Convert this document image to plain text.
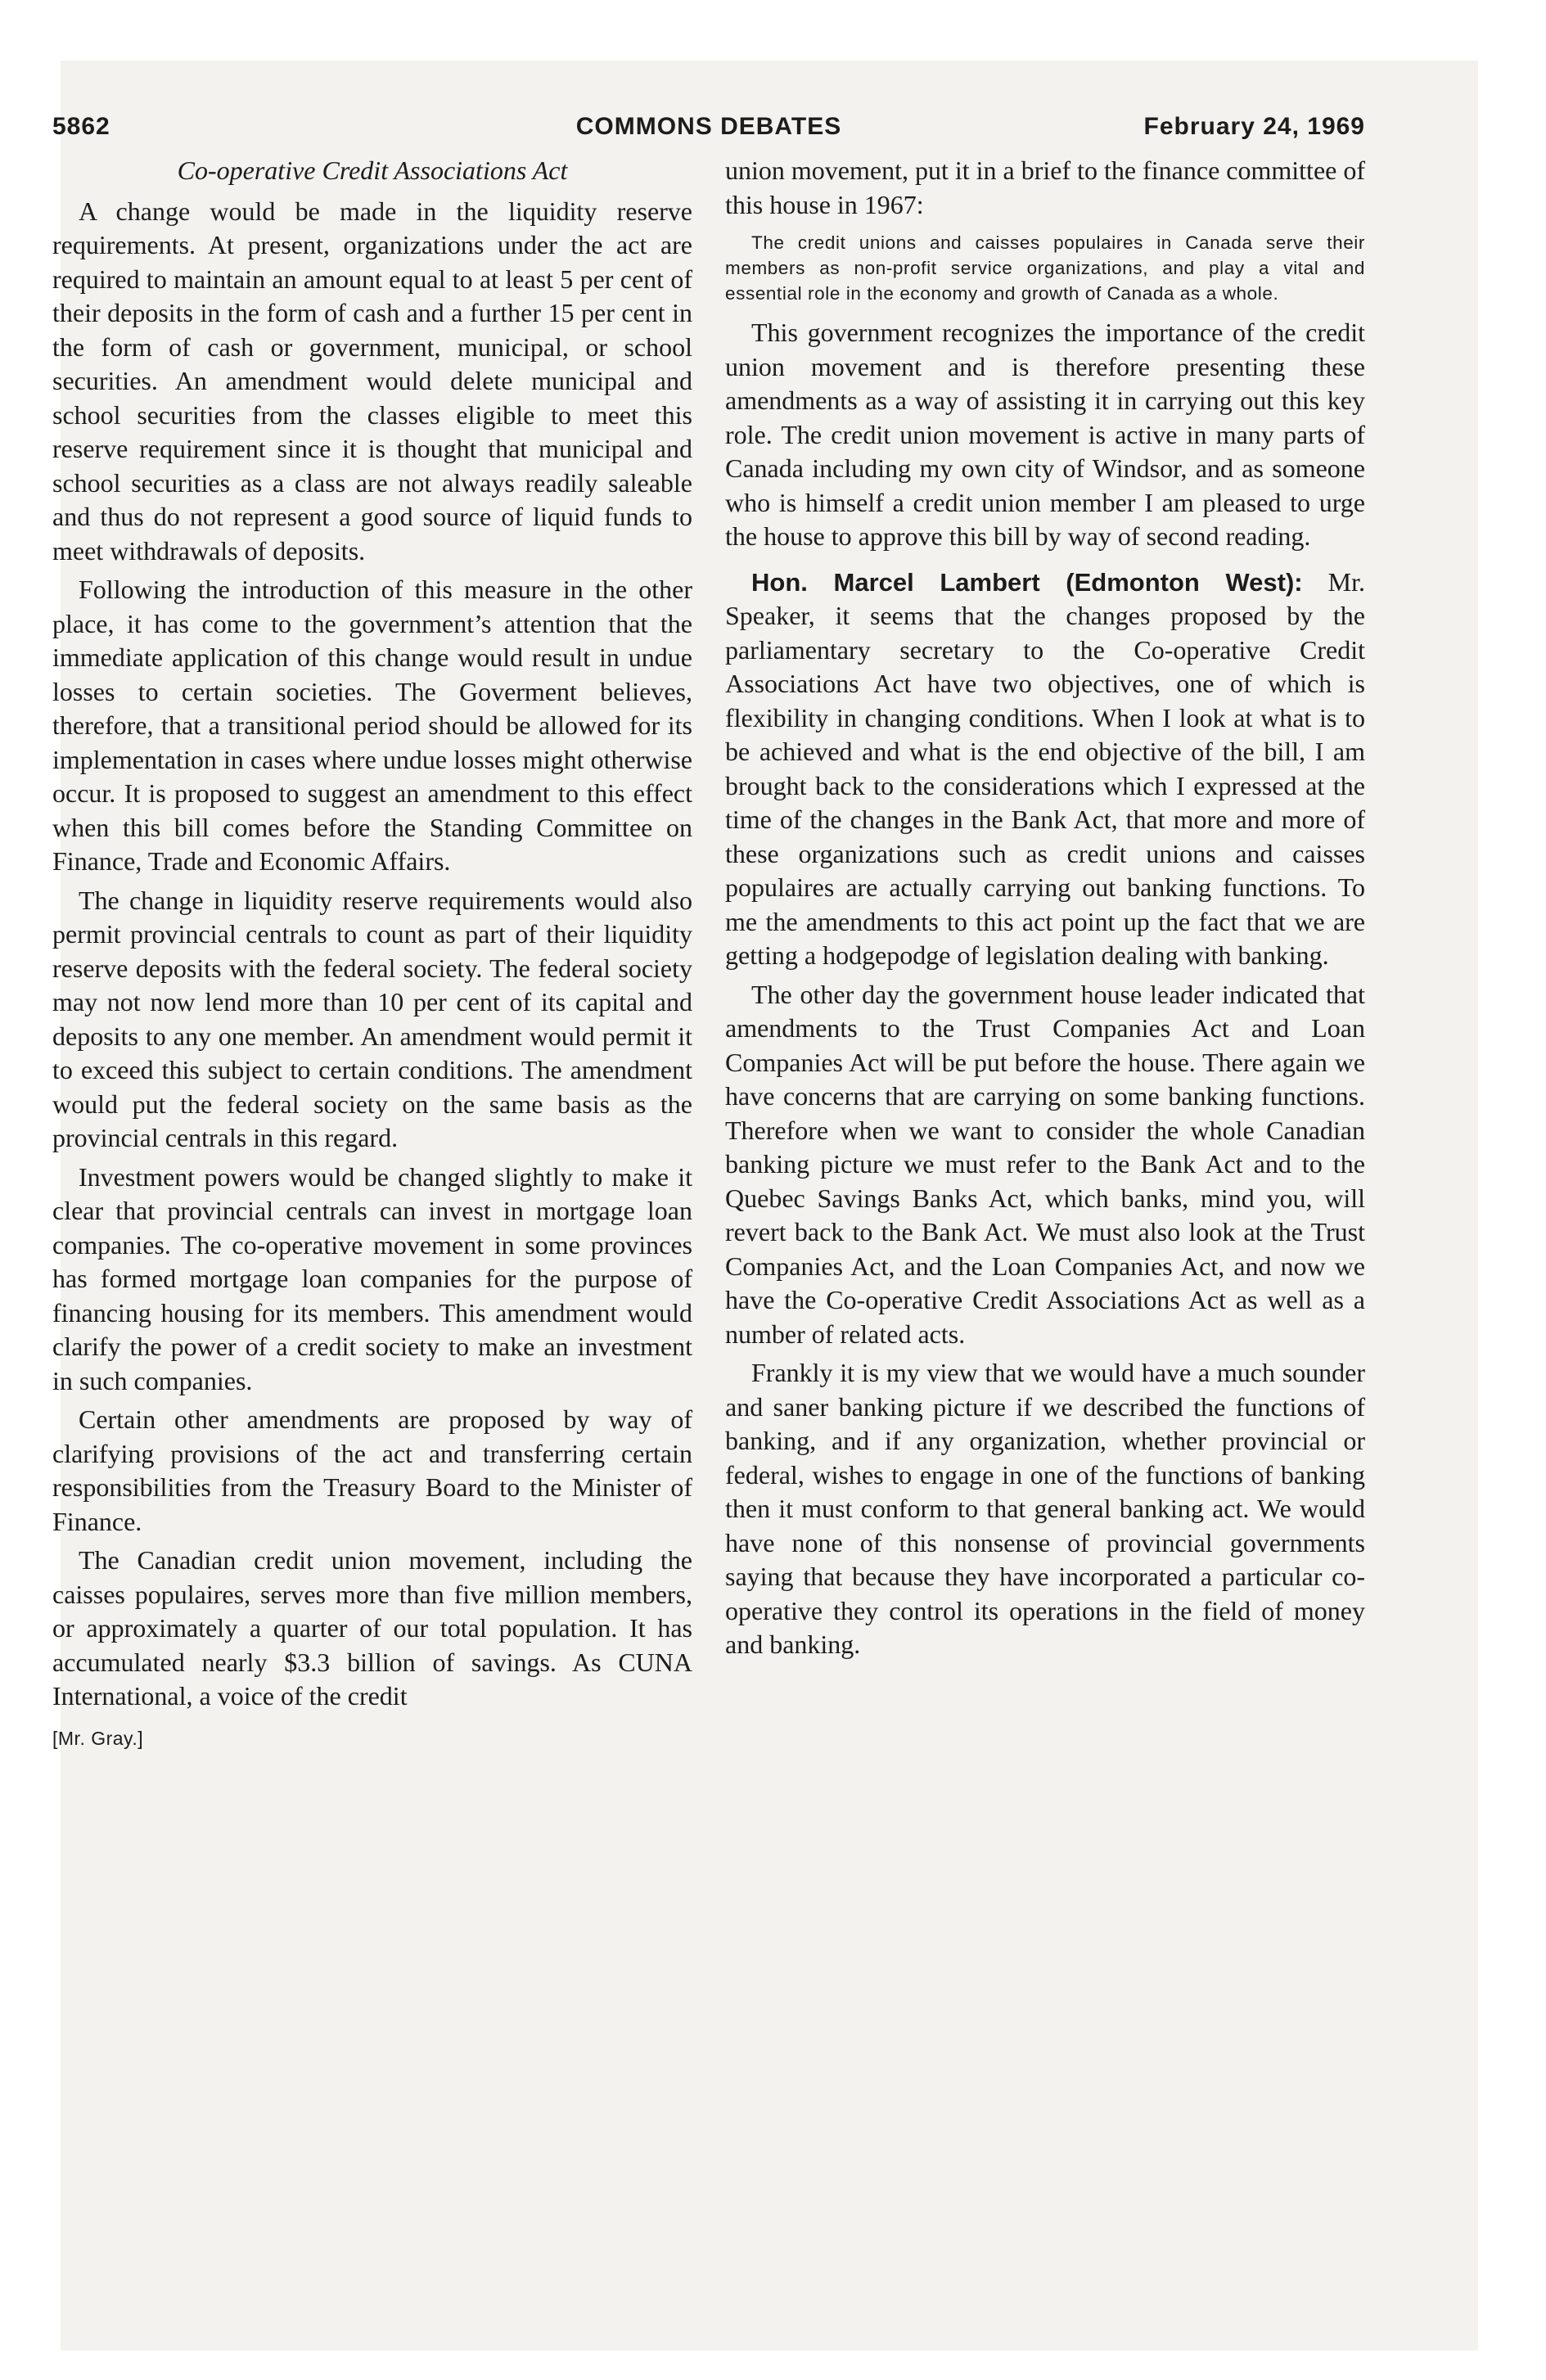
5862	COMMONS DEBATES	February 24, 1969
Co-operative Credit Associations Act

A change would be made in the liquidity reserve requirements. At present, organizations under the act are required to maintain an amount equal to at least 5 per cent of their deposits in the form of cash and a further 15 per cent in the form of cash or government, municipal, or school securities. An amendment would delete municipal and school securities from the classes eligible to meet this reserve requirement since it is thought that municipal and school securities as a class are not always readily saleable and thus do not represent a good source of liquid funds to meet withdrawals of deposits.

Following the introduction of this measure in the other place, it has come to the government’s attention that the immediate application of this change would result in undue losses to certain societies. The Goverment believes, therefore, that a transitional period should be allowed for its implementation in cases where undue losses might otherwise occur. It is proposed to suggest an amendment to this effect when this bill comes before the Standing Committee on Finance, Trade and Economic Affairs.

The change in liquidity reserve requirements would also permit provincial centrals to count as part of their liquidity reserve deposits with the federal society. The federal society may not now lend more than 10 per cent of its capital and deposits to any one member. An amendment would permit it to exceed this subject to certain conditions. The amendment would put the federal society on the same basis as the provincial centrals in this regard.

Investment powers would be changed slightly to make it clear that provincial centrals can invest in mortgage loan companies. The co-operative movement in some provinces has formed mortgage loan companies for the purpose of financing housing for its members. This amendment would clarify the power of a credit society to make an investment in such companies.

Certain other amendments are proposed by way of clarifying provisions of the act and transferring certain responsibilities from the Treasury Board to the Minister of Finance.

The Canadian credit union movement, including the caisses populaires, serves more than five million members, or approximately a quarter of our total population. It has accumulated nearly $3.3 billion of savings. As CUNA International, a voice of the credit

[Mr. Gray.]

union movement, put it in a brief to the finance committee of this house in 1967:

The credit unions and caisses populaires in Canada serve their members as non-profit service organizations, and play a vital and essential role in the economy and growth of Canada as a whole.

This government recognizes the importance of the credit union movement and is therefore presenting these amendments as a way of assisting it in carrying out this key role. The credit union movement is active in many parts of Canada including my own city of Windsor, and as someone who is himself a credit union member I am pleased to urge the house to approve this bill by way of second reading.

Hon. Marcel Lambert (Edmonton West): Mr. Speaker, it seems that the changes proposed by the parliamentary secretary to the Co-operative Credit Associations Act have two objectives, one of which is flexibility in changing conditions. When I look at what is to be achieved and what is the end objective of the bill, I am brought back to the considerations which I expressed at the time of the changes in the Bank Act, that more and more of these organizations such as credit unions and caisses populaires are actually carrying out banking functions. To me the amendments to this act point up the fact that we are getting a hodgepodge of legislation dealing with banking.

The other day the government house leader indicated that amendments to the Trust Companies Act and Loan Companies Act will be put before the house. There again we have concerns that are carrying on some banking functions. Therefore when we want to consider the whole Canadian banking picture we must refer to the Bank Act and to the Quebec Savings Banks Act, which banks, mind you, will revert back to the Bank Act. We must also look at the Trust Companies Act, and the Loan Companies Act, and now we have the Co-operative Credit Associations Act as well as a number of related acts.

Frankly it is my view that we would have a much sounder and saner banking picture if we described the functions of banking, and if any organization, whether provincial or federal, wishes to engage in one of the functions of banking then it must conform to that general banking act. We would have none of this nonsense of provincial governments saying that because they have incorporated a particular co-operative they control its operations in the field of money and banking.
